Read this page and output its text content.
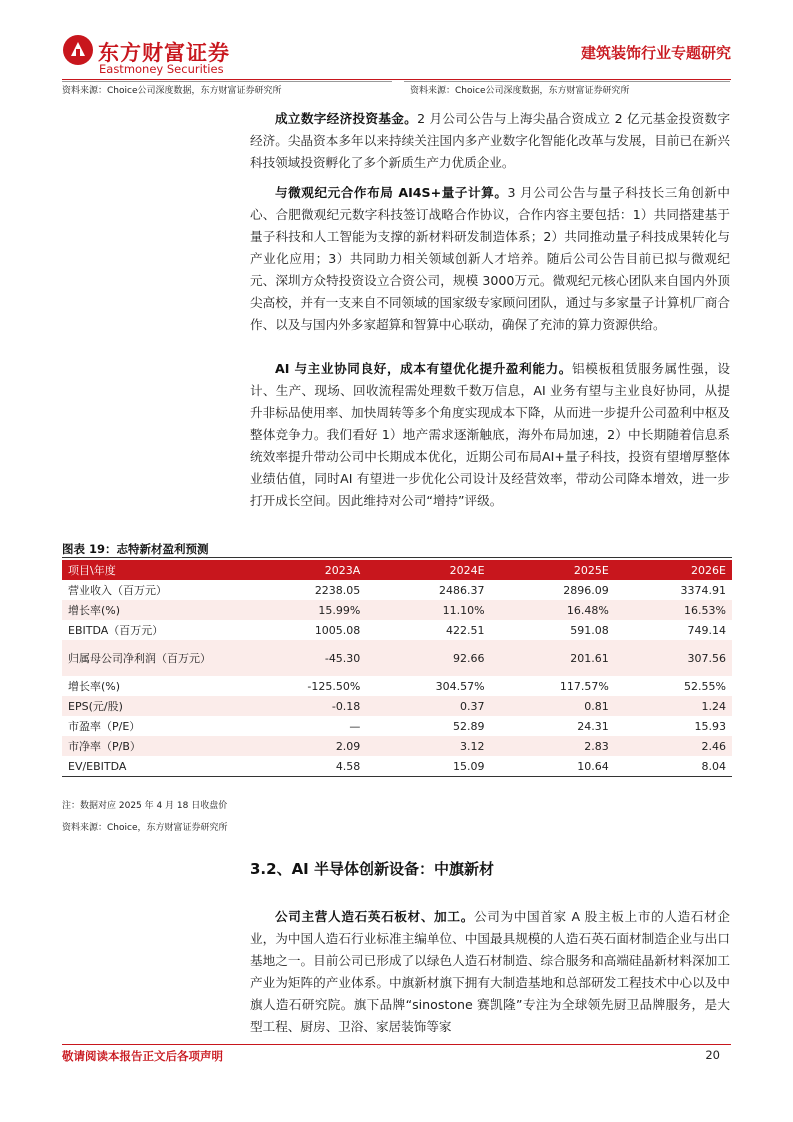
东方财富证券
Eastmoney Securities
建筑装饰行业专题研究
资料来源：Choice公司深度数据，东方财富证券研究所	资料来源：Choice公司深度数据，东方财富证券研究所
成立数字经济投资基金。2 月公司公告与上海尖晶合资成立 2 亿元基金投资数字经济。尖晶资本多年以来持续关注国内多产业数字化智能化改革与发展，目前已在新兴科技领域投资孵化了多个新质生产力优质企业。
与微观纪元合作布局 AI4S+量子计算。3 月公司公告与量子科技长三角创新中心、合肥微观纪元数字科技签订战略合作协议，合作内容主要包括：1）共同搭建基于量子科技和人工智能为支撑的新材料研发制造体系；2）共同推动量子科技成果转化与产业化应用；3）共同助力相关领域创新人才培养。随后公司公告目前已拟与微观纪元、深圳方众特投资设立合资公司，规模 3000万元。微观纪元核心团队来自国内外顶尖高校，并有一支来自不同领域的国家级专家顾问团队，通过与多家量子计算机厂商合作、以及与国内外多家超算和智算中心联动，确保了充沛的算力资源供给。
AI 与主业协同良好，成本有望优化提升盈利能力。铝模板租赁服务属性强，设计、生产、现场、回收流程需处理数千数万信息，AI 业务有望与主业良好协同，从提升非标品使用率、加快周转等多个角度实现成本下降，从而进一步提升公司盈利中枢及整体竞争力。我们看好 1）地产需求逐渐触底，海外布局加速，2）中长期随着信息系统效率提升带动公司中长期成本优化，近期公司布局AI+量子科技，投资有望增厚整体业绩估值，同时AI 有望进一步优化公司设计及经营效率，带动公司降本增效，进一步打开成长空间。因此维持对公司“增持”评级。
图表 19：志特新材盈利预测
项目\年度	2023A	2024E	2025E	2026E
营业收入（百万元）	2238.05	2486.37	2896.09	3374.91
增长率(%)	15.99%	11.10%	16.48%	16.53%
EBITDA（百万元）	1005.08	422.51	591.08	749.14
归属母公司净利润（百万元）	-45.30	92.66	201.61	307.56
增长率(%)	-125.50%	304.57%	117.57%	52.55%
EPS(元/股)	-0.18	0.37	0.81	1.24
市盈率（P/E）	—	52.89	24.31	15.93
市净率（P/B）	2.09	3.12	2.83	2.46
EV/EBITDA	4.58	15.09	10.64	8.04
注：数据对应 2025 年 4 月 18 日收盘价
资料来源：Choice，东方财富证券研究所
3.2、AI 半导体创新设备：中旗新材
公司主营人造石英石板材、加工。公司为中国首家 A 股主板上市的人造石材企业，为中国人造石行业标准主编单位、中国最具规模的人造石英石面材制造企业与出口基地之一。目前公司已形成了以绿色人造石材制造、综合服务和高端硅晶新材料深加工产业为矩阵的产业体系。中旗新材旗下拥有大制造基地和总部研发工程技术中心以及中旗人造石研究院。旗下品牌“sinostone 赛凯隆”专注为全球领先厨卫品牌服务，是大型工程、厨房、卫浴、家居装饰等家
敬请阅读本报告正文后各项声明	20
